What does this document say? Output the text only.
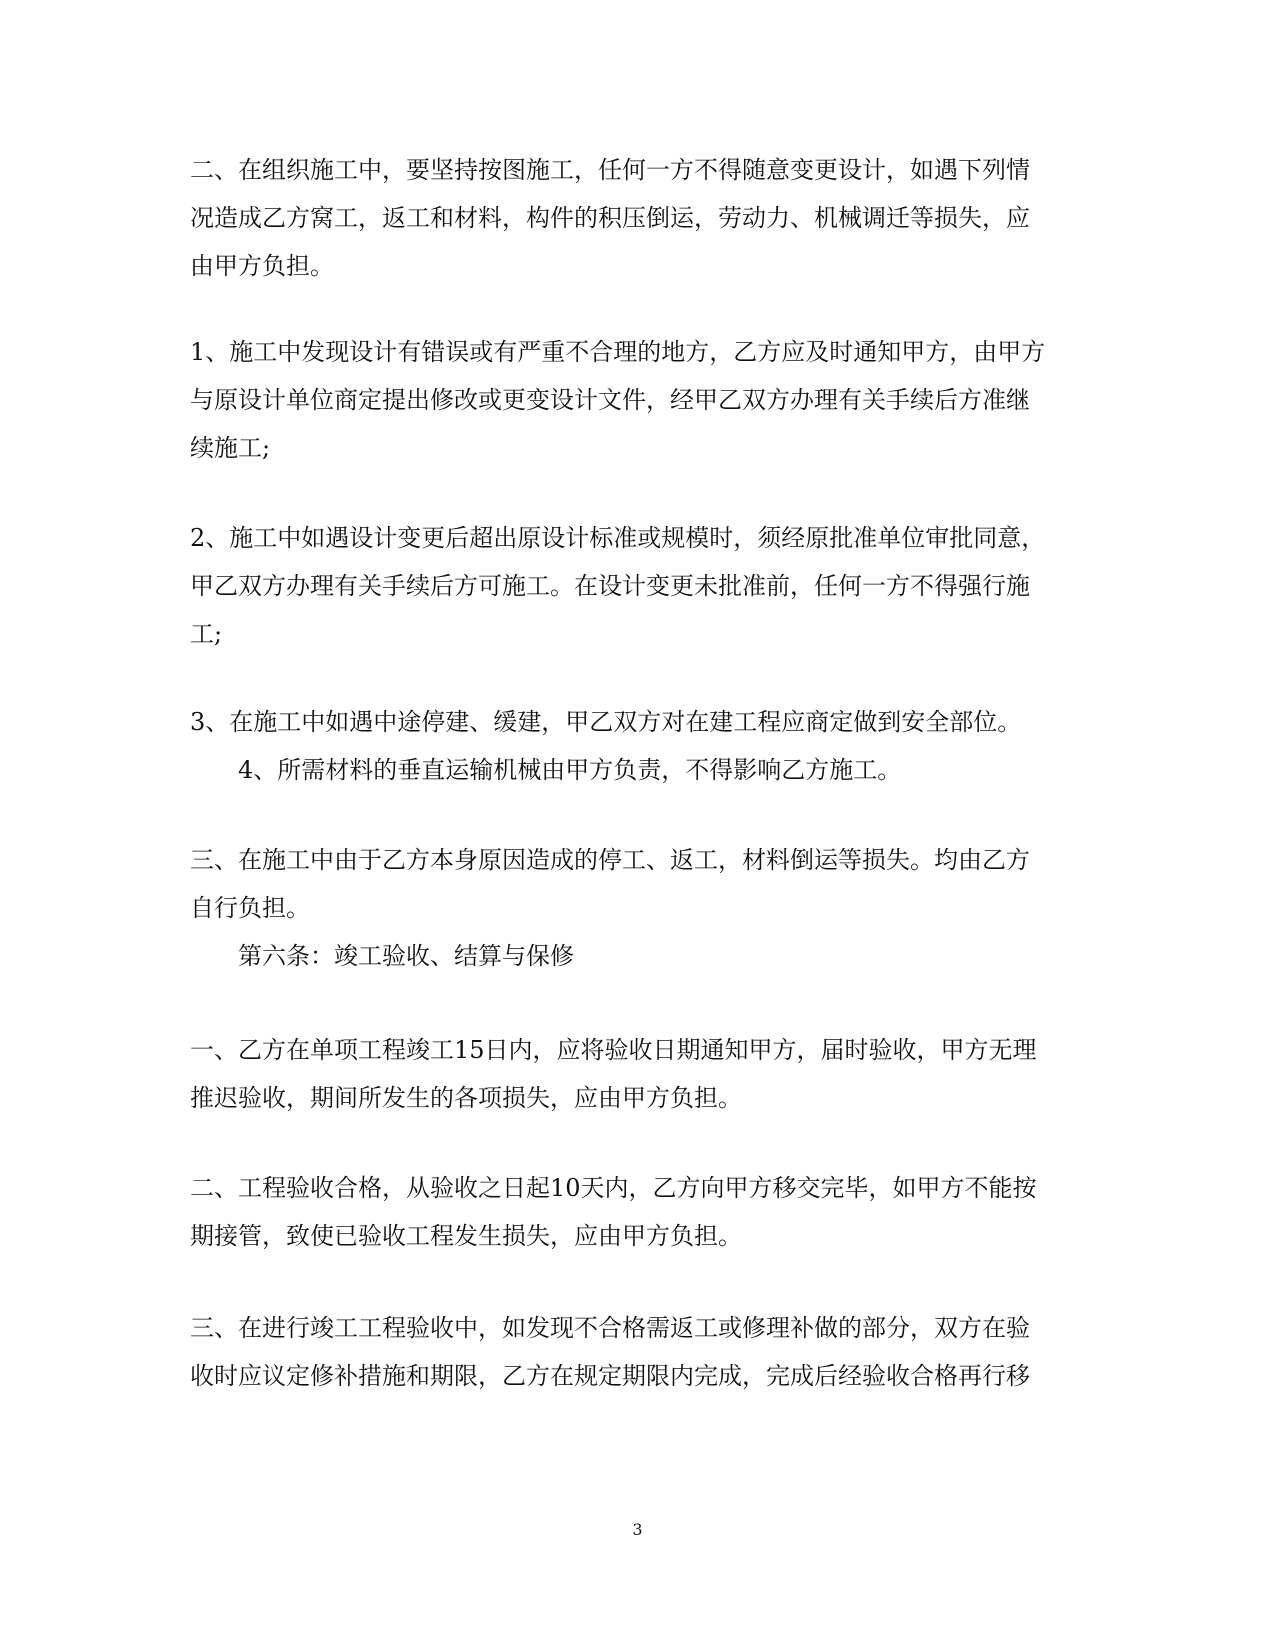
二、在组织施工中，要坚持按图施工，任何一方不得随意变更设计，如遇下列情
况造成乙方窝工，返工和材料，构件的积压倒运，劳动力、机械调迁等损失，应
由甲方负担。

1、施工中发现设计有错误或有严重不合理的地方，乙方应及时通知甲方，由甲方
与原设计单位商定提出修改或更变设计文件，经甲乙双方办理有关手续后方准继
续施工;

2、施工中如遇设计变更后超出原设计标准或规模时，须经原批准单位审批同意，
甲乙双方办理有关手续后方可施工。在设计变更未批准前，任何一方不得强行施
工;

3、在施工中如遇中途停建、缓建，甲乙双方对在建工程应商定做到安全部位。

4、所需材料的垂直运输机械由甲方负责，不得影响乙方施工。

三、在施工中由于乙方本身原因造成的停工、返工，材料倒运等损失。均由乙方
自行负担。

第六条：竣工验收、结算与保修

一、乙方在单项工程竣工15日内，应将验收日期通知甲方，届时验收，甲方无理
推迟验收，期间所发生的各项损失，应由甲方负担。

二、工程验收合格，从验收之日起10天内，乙方向甲方移交完毕，如甲方不能按
期接管，致使已验收工程发生损失，应由甲方负担。

三、在进行竣工工程验收中，如发现不合格需返工或修理补做的部分，双方在验
收时应议定修补措施和期限，乙方在规定期限内完成，完成后经验收合格再行移

3
